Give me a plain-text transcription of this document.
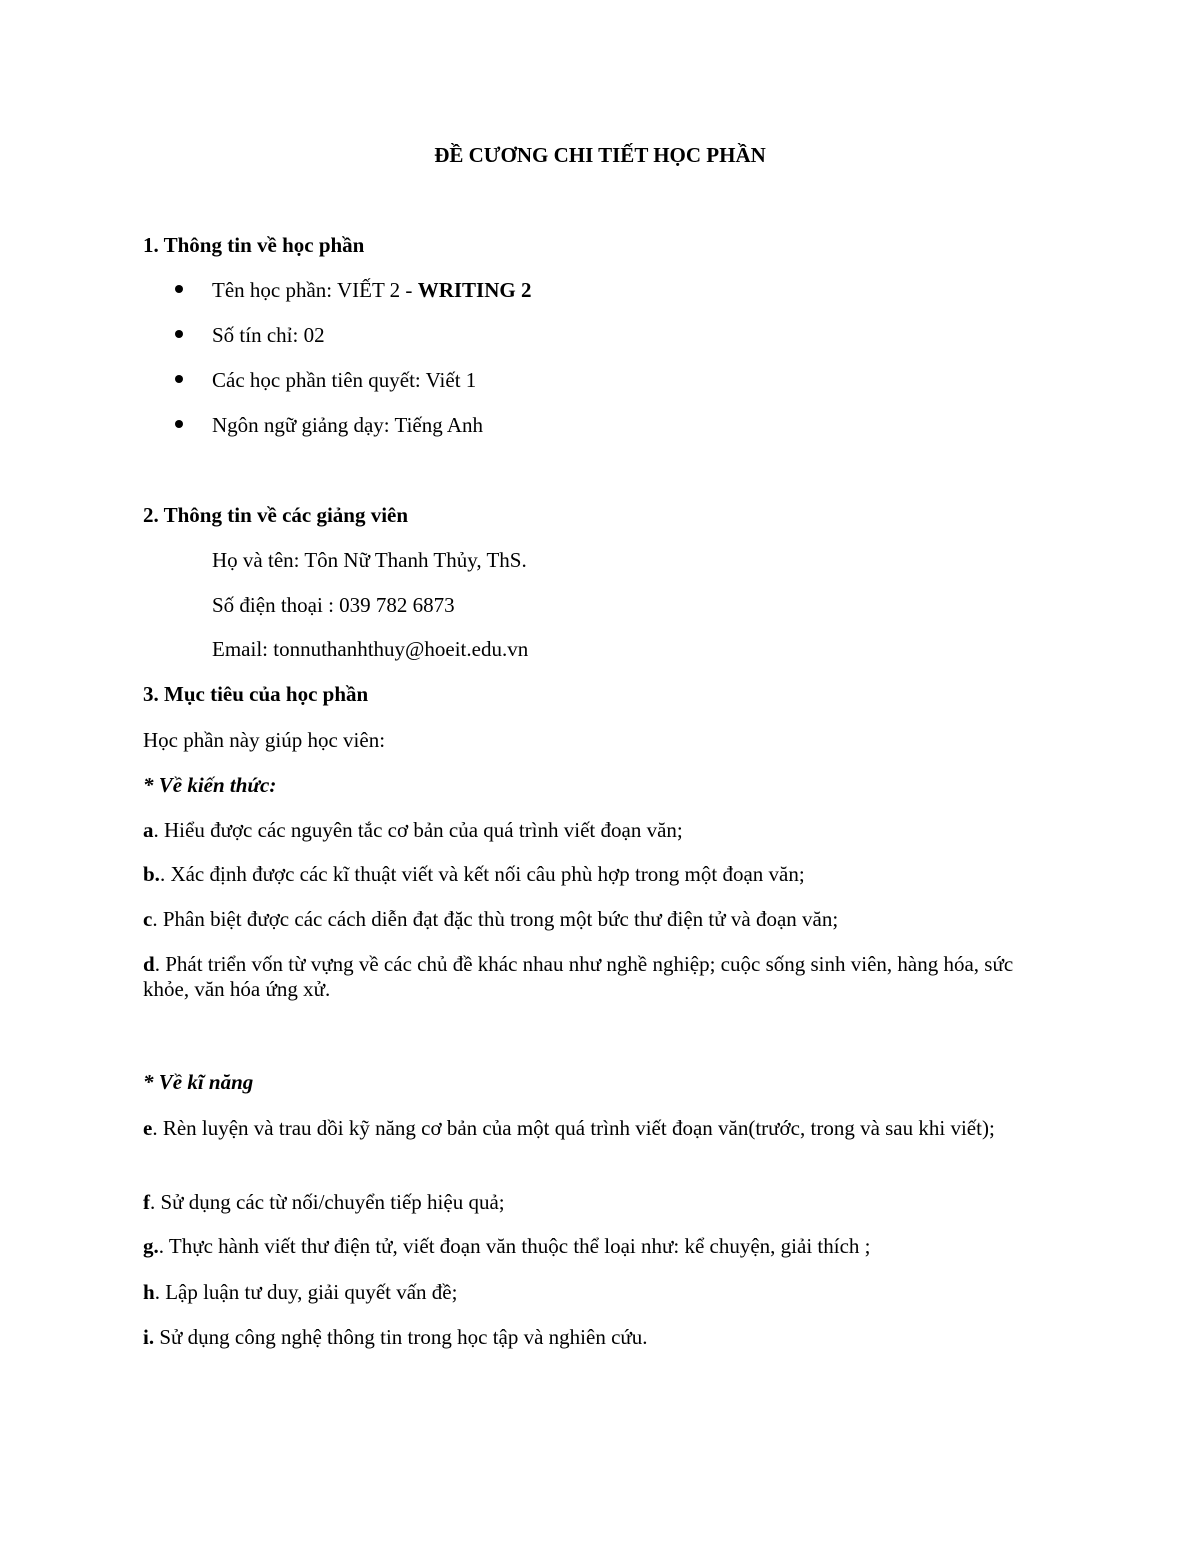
ĐỀ CƯƠNG CHI TIẾT HỌC PHẦN
1. Thông tin về học phần
Tên học phần: VIẾT 2 - WRITING 2
Số tín chỉ: 02
Các học phần tiên quyết: Viết 1
Ngôn ngữ giảng dạy: Tiếng Anh
2. Thông tin về các giảng viên
Họ và tên: Tôn Nữ Thanh Thủy, ThS.
Số điện thoại : 039 782 6873
Email: tonnuthanhthuy@hoeit.edu.vn
3. Mục tiêu của học phần
Học phần này giúp học viên:
* Về kiến thức:
a. Hiểu được các nguyên tắc cơ bản của quá trình viết đoạn văn;
b.. Xác định được các kĩ thuật viết và kết nối câu phù hợp trong một đoạn văn;
c. Phân biệt được các cách diễn đạt đặc thù trong một bức thư điện tử và đoạn văn;
d. Phát triển vốn từ vựng về các chủ đề khác nhau như nghề nghiệp; cuộc sống sinh viên, hàng hóa, sức khỏe, văn hóa ứng xử.
* Về kĩ năng
e. Rèn luyện và trau dồi kỹ năng cơ bản của một quá trình viết đoạn văn(trước, trong và sau khi viết);
f. Sử dụng các từ nối/chuyển tiếp hiệu quả;
g.. Thực hành viết thư điện tử, viết đoạn văn thuộc thể loại như: kể chuyện, giải thích ;
h. Lập luận tư duy, giải quyết vấn đề;
i. Sử dụng công nghệ thông tin trong học tập và nghiên cứu.
